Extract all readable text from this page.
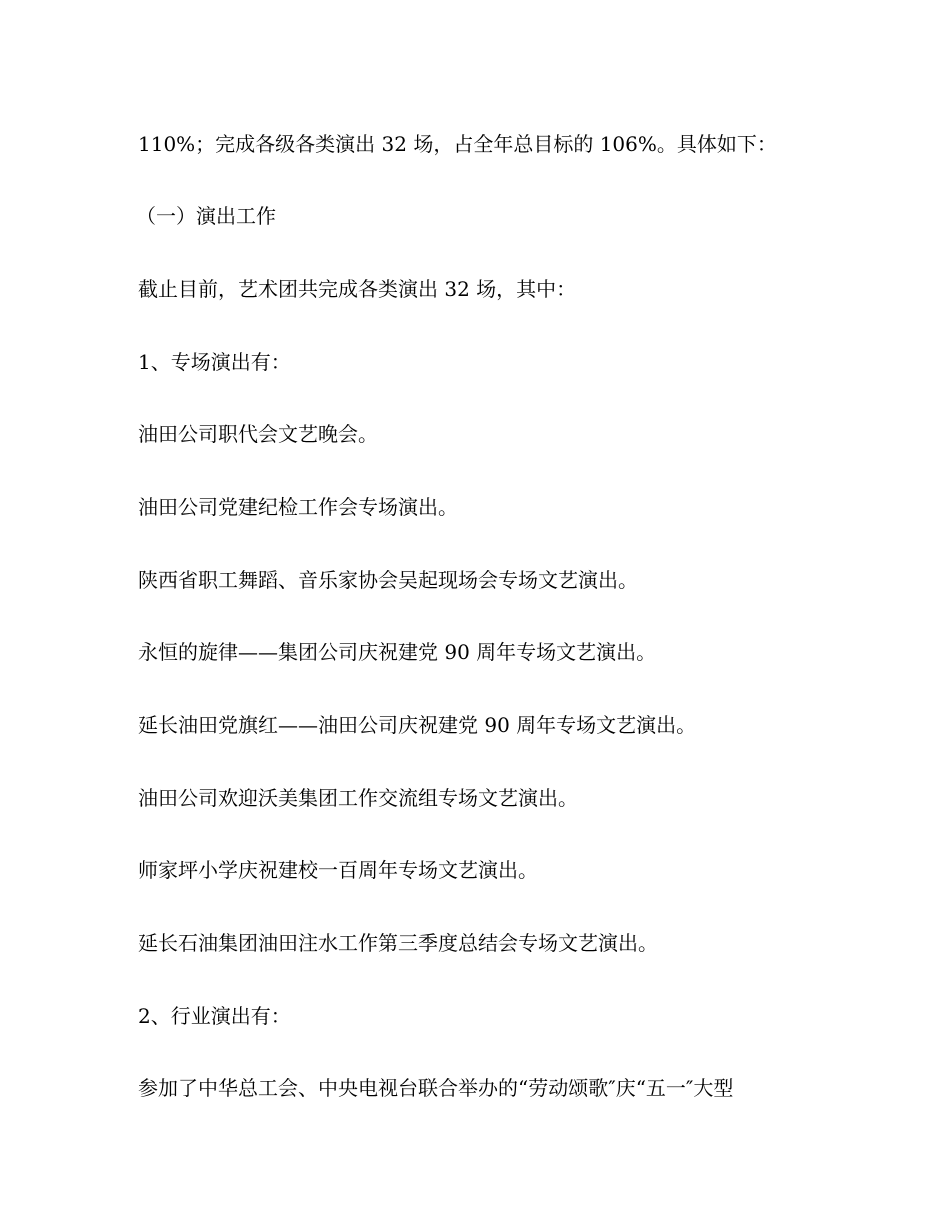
110%；完成各级各类演出 32 场，占全年总目标的 106%。具体如下：

（一）演出工作

截止目前，艺术团共完成各类演出 32 场，其中：

1、专场演出有：

油田公司职代会文艺晚会。

油田公司党建纪检工作会专场演出。

陕西省职工舞蹈、音乐家协会吴起现场会专场文艺演出。

永恒的旋律——集团公司庆祝建党 90 周年专场文艺演出。

延长油田党旗红——油田公司庆祝建党 90 周年专场文艺演出。

油田公司欢迎沃美集团工作交流组专场文艺演出。

师家坪小学庆祝建校一百周年专场文艺演出。

延长石油集团油田注水工作第三季度总结会专场文艺演出。

2、行业演出有：

参加了中华总工会、中央电视台联合举办的“劳动颂歌″庆“五一″大型
